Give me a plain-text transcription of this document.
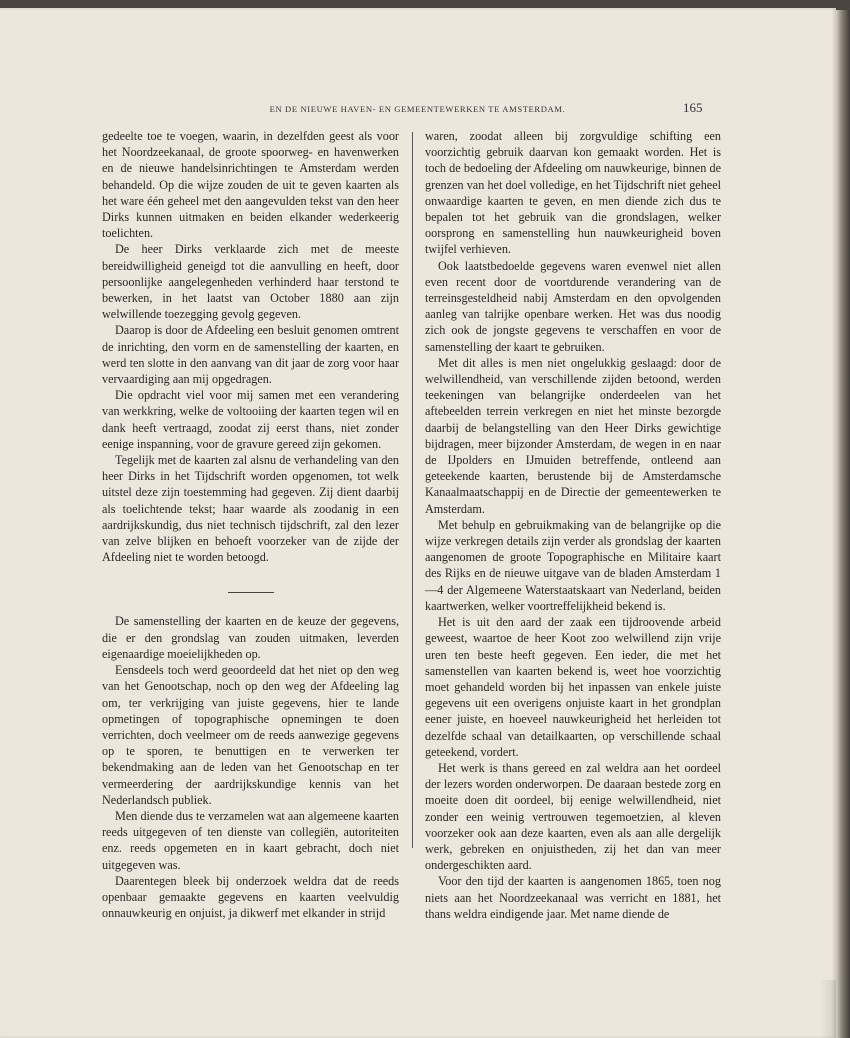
EN DE NIEUWE HAVEN- EN GEMEENTEWERKEN TE AMSTERDAM.	165

gedeelte toe te voegen, waarin, in dezelfden geest als voor het Noordzeekanaal, de groote spoorweg- en havenwerken en de nieuwe handelsinrichtingen te Amsterdam werden behandeld. Op die wijze zouden de uit te geven kaarten als het ware één geheel met den aangevulden tekst van den heer Dirks kunnen uitmaken en beiden elkander wederkeerig toelichten.

De heer Dirks verklaarde zich met de meeste bereidwilligheid geneigd tot die aanvulling en heeft, door persoonlijke aangelegenheden verhinderd haar terstond te bewerken, in het laatst van October 1880 aan zijn welwillende toezegging gevolg gegeven.

Daarop is door de Afdeeling een besluit genomen omtrent de inrichting, den vorm en de samenstelling der kaarten, en werd ten slotte in den aanvang van dit jaar de zorg voor haar vervaardiging aan mij opgedragen.

Die opdracht viel voor mij samen met een verandering van werkkring, welke de voltooiing der kaarten tegen wil en dank heeft vertraagd, zoodat zij eerst thans, niet zonder eenige inspanning, voor de gravure gereed zijn gekomen.

Tegelijk met de kaarten zal alsnu de verhandeling van den heer Dirks in het Tijdschrift worden opgenomen, tot welk uitstel deze zijn toestemming had gegeven. Zij dient daarbij als toelichtende tekst; haar waarde als zoodanig in een aardrijkskundig, dus niet technisch tijdschrift, zal den lezer van zelve blijken en behoeft voorzeker van de zijde der Afdeeling niet te worden betoogd.

De samenstelling der kaarten en de keuze der gegevens, die er den grondslag van zouden uitmaken, leverden eigenaardige moeielijkheden op.

Eensdeels toch werd geoordeeld dat het niet op den weg van het Genootschap, noch op den weg der Afdeeling lag om, ter verkrijging van juiste gegevens, hier te lande opmetingen of topographische opnemingen te doen verrichten, doch veelmeer om de reeds aanwezige gegevens op te sporen, te benuttigen en te verwerken ter bekendmaking aan de leden van het Genootschap en ter vermeerdering der aardrijkskundige kennis van het Nederlandsch publiek.

Men diende dus te verzamelen wat aan algemeene kaarten reeds uitgegeven of ten dienste van collegiën, autoriteiten enz. reeds opgemeten en in kaart gebracht, doch niet uitgegeven was.

Daarentegen bleek bij onderzoek weldra dat de reeds openbaar gemaakte gegevens en kaarten veelvuldig onnauwkeurig en onjuist, ja dikwerf met elkander in strijd

waren, zoodat alleen bij zorgvuldige schifting een voorzichtig gebruik daarvan kon gemaakt worden. Het is toch de bedoeling der Afdeeling om nauwkeurige, binnen de grenzen van het doel volledige, en het Tijdschrift niet geheel onwaardige kaarten te geven, en men diende zich dus te bepalen tot het gebruik van die grondslagen, welker oorsprong en samenstelling hun nauwkeurigheid boven twijfel verhieven.

Ook laatstbedoelde gegevens waren evenwel niet allen even recent door de voortdurende verandering van de terreinsgesteldheid nabij Amsterdam en den opvolgenden aanleg van talrijke openbare werken. Het was dus noodig zich ook de jongste gegevens te verschaffen en voor de samenstelling der kaart te gebruiken.

Met dit alles is men niet ongelukkig geslaagd: door de welwillendheid, van verschillende zijden betoond, werden teekeningen van belangrijke onderdeelen van het aftebeelden terrein verkregen en niet het minste bezorgde daarbij de belangstelling van den Heer Dirks gewichtige bijdragen, meer bijzonder Amsterdam, de wegen in en naar de IJpolders en IJmuiden betreffende, ontleend aan geteekende kaarten, berustende bij de Amsterdamsche Kanaalmaatschappij en de Directie der gemeentewerken te Amsterdam.

Met behulp en gebruikmaking van de belangrijke op die wijze verkregen details zijn verder als grondslag der kaarten aangenomen de groote Topographische en Militaire kaart des Rijks en de nieuwe uitgave van de bladen Amsterdam 1—4 der Algemeene Waterstaatskaart van Nederland, beiden kaartwerken, welker voortreffelijkheid bekend is.

Het is uit den aard der zaak een tijdroovende arbeid geweest, waartoe de heer Koot zoo welwillend zijn vrije uren ten beste heeft gegeven. Een ieder, die met het samenstellen van kaarten bekend is, weet hoe voorzichtig moet gehandeld worden bij het inpassen van enkele juiste gegevens uit een overigens onjuiste kaart in het grondplan eener juiste, en hoeveel nauwkeurigheid het herleiden tot dezelfde schaal van detailkaarten, op verschillende schaal geteekend, vordert.

Het werk is thans gereed en zal weldra aan het oordeel der lezers worden onderworpen. De daaraan bestede zorg en moeite doen dit oordeel, bij eenige welwillendheid, niet zonder een weinig vertrouwen tegemoetzien, al kleven voorzeker ook aan deze kaarten, even als aan alle dergelijk werk, gebreken en onjuistheden, zij het dan van meer ondergeschikten aard.

Voor den tijd der kaarten is aangenomen 1865, toen nog niets aan het Noordzeekanaal was verricht en 1881, het thans weldra eindigende jaar. Met name diende de
